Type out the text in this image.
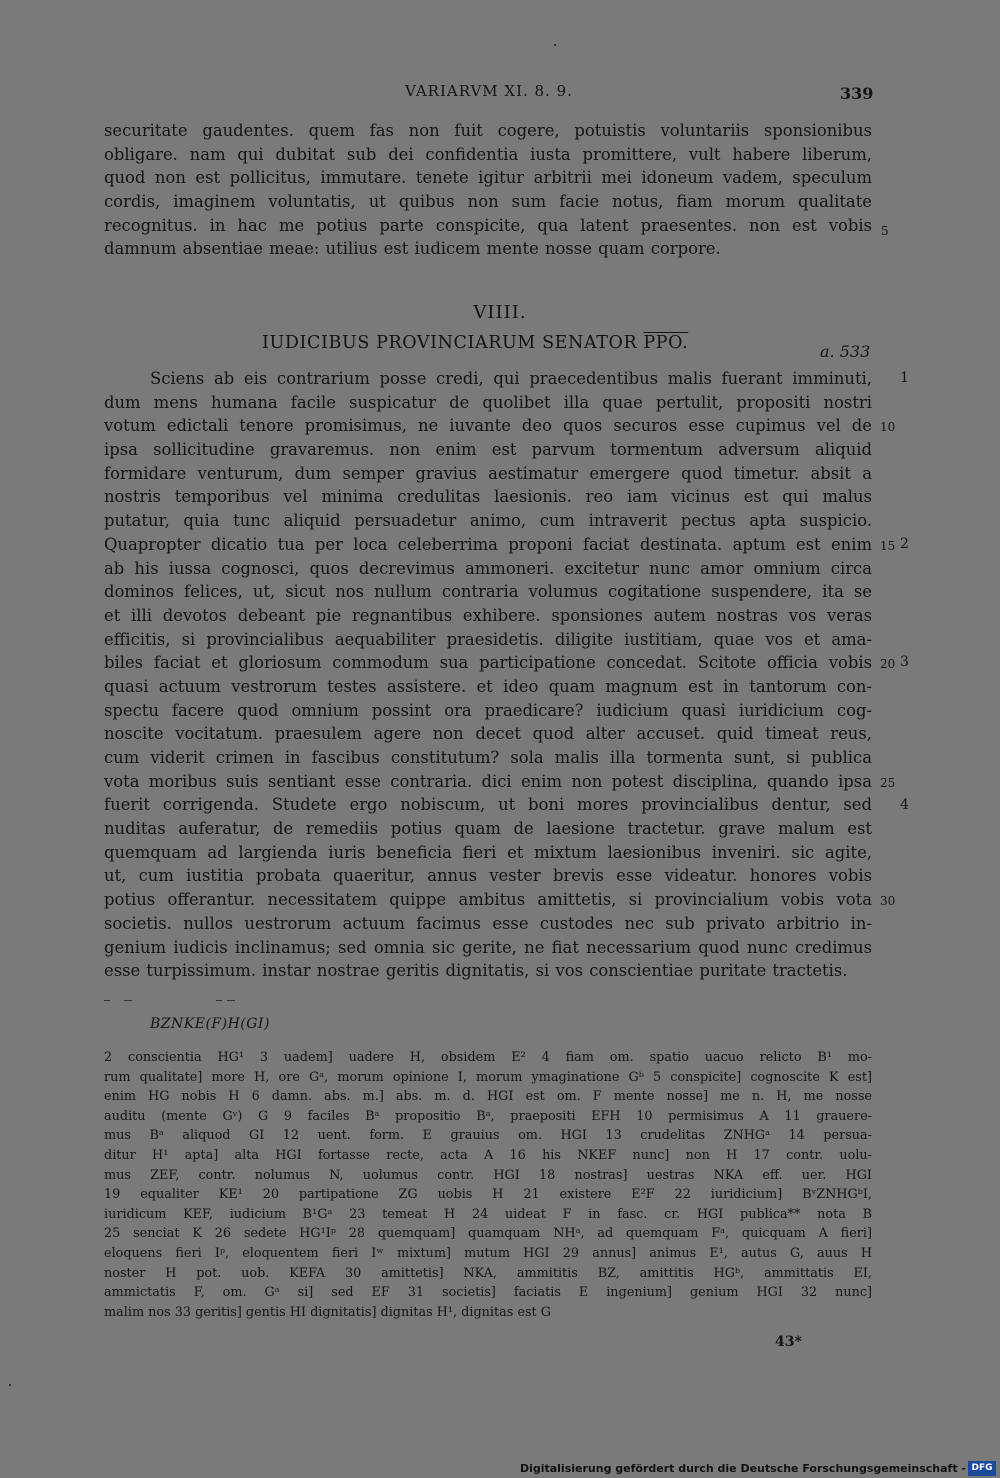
VARIARVM XI. 8. 9.	339
securitate gaudentes. quem fas non fuit cogere, potuistis voluntariis sponsionibus
obligare. nam qui dubitat sub dei confidentia iusta promittere, vult habere liberum,
quod non est pollicitus, immutare. tenete igitur arbitrii mei idoneum vadem, speculum
cordis, imaginem voluntatis, ut quibus non sum facie notus, fiam morum qualitate
recognitus. in hac me potius parte conspicite, qua latent praesentes. non est vobis
damnum absentiae meae: utilius est iudicem mente nosse quam corpore.
5
VIIII.
IUDICIBUS PROVINCIARUM SENATOR PPO.	a. 533
Sciens ab eis contrarium posse credi, qui praecedentibus malis fuerant imminuti,
dum mens humana facile suspicatur de quolibet illa quae pertulit, propositi nostri
votum edictali tenore promisimus, ne iuvante deo quos securos esse cupimus vel de
ipsa sollicitudine gravaremus. non enim est parvum tormentum adversum aliquid
formidare venturum, dum semper gravius aestimatur emergere quod timetur. absit a
nostris temporibus vel minima credulitas laesionis. reo iam vicinus est qui malus
putatur, quia tunc aliquid persuadetur animo, cum intraverit pectus apta suspicio.
Quapropter dicatio tua per loca celeberrima proponi faciat destinata. aptum est enim
ab his iussa cognosci, quos decrevimus ammoneri. excitetur nunc amor omnium circa
dominos felices, ut, sicut nos nullum contraria volumus cogitatione suspendere, ita se
et illi devotos debeant pie regnantibus exhibere. sponsiones autem nostras vos veras
efficitis, si provincialibus aequabiliter praesidetis. diligite iustitiam, quae vos et ama-
biles faciat et gloriosum commodum sua participatione concedat. Scitote officia vobis
quasi actuum vestrorum testes assistere. et ideo quam magnum est in tantorum con-
spectu facere quod omnium possint ora praedicare? iudicium quasi iuridicium cog-
noscite vocitatum. praesulem agere non decet quod alter accuset. quid timeat reus,
cum viderit crimen in fascibus constitutum? sola malis illa tormenta sunt, si publica
vota moribus suis sentiant esse contraria. dici enim non potest disciplina, quando ipsa
fuerit corrigenda. Studete ergo nobiscum, ut boni mores provincialibus dentur, sed
nuditas auferatur, de remediis potius quam de laesione tractetur. grave malum est
quemquam ad largienda iuris beneficia fieri et mixtum laesionibus inveniri. sic agite,
ut, cum iustitia probata quaeritur, annus vester brevis esse videatur. honores vobis
potius offerantur. necessitatem quippe ambitus amittetis, si provincialium vobis vota
societis. nullos uestrorum actuum facimus esse custodes nec sub privato arbitrio in-
genium iudicis inclinamus; sed omnia sic gerite, ne fiat necessarium quod nunc credimus
esse turpissimum. instar nostrae geritis dignitatis, si vos conscientiae puritate tractetis.
10
15
20
25
30
1
2
3
4
BZNKE(F)H(GI)
2 conscientia HG¹ 3 uadem] uadere H, obsidem E² 4 fiam om. spatio uacuo relicto B¹ mo-
rum qualitate] more H, ore Gᵃ, morum opinione I, morum ymaginatione Gᵇ 5 conspicite] cognoscite K est]
enim HG nobis H 6 damn. abs. m.] abs. m. d. HGI est om. F mente nosse] me n. H, me nosse
auditu (mente Gᵛ) G 9 faciles Bᵃ propositio Bᵃ, praepositi EFH 10 permisimus A 11 grauere-
mus Bᵃ aliquod GI 12 uent. form. E grauius om. HGI 13 crudelitas ZNHGᵃ 14 persua-
ditur H¹ apta] alta HGI fortasse recte, acta A 16 his NKEF nunc] non H 17 contr. uolu-
mus ZEF, contr. nolumus N, uolumus contr. HGI 18 nostras] uestras NKA eff. uer. HGI
19 equaliter KE¹ 20 partipatione ZG uobis H 21 existere E²F 22 iuridicium] BᵛZNHGᵇI,
iuridicum KEF, iudicium B¹Gᵃ 23 temeat H 24 uideat F in fasc. cr. HGI publica** nota B
25 senciat K 26 sedete HG¹Iᵖ 28 quemquam] quamquam NHᵃ, ad quemquam Fᵃ, quicquam A fieri]
eloquens fieri Iᵖ, eloquentem fieri Iʷ mixtum] mutum HGI 29 annus] animus E¹, autus G, auus H
noster H pot. uob. KEFA 30 amittetis] NKA, ammititis BZ, amittitis HGᵇ, ammittatis EI,
ammictatis F, om. Gᵃ si] sed EF 31 societis] faciatis E ingenium] genium HGI 32 nunc]
malim nos 33 geritis] gentis HI dignitatis] dignitas H¹, dignitas est G
43*
Digitalisierung gefördert durch die Deutsche Forschungsgemeinschaft - DFG
